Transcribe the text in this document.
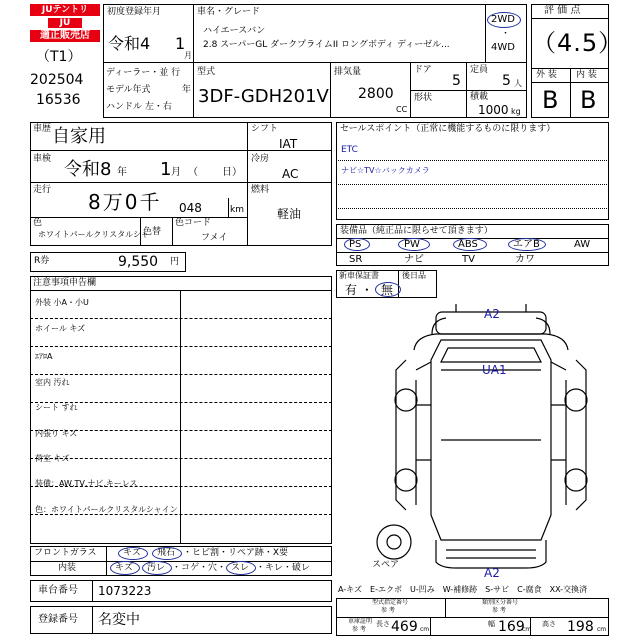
JUテントリ
JU
適正販売店
（T1）
202504
16536
初度登録年月
令和4 1
月
車名・グレード
ハイエースバン
2.8 スーパーGL ダークプライムII ロングボディ ディーゼル...
2WD
・
4WD
ディーラー・並 行
モデル年式	年
ハンドル 左・右
型式
3DF-GDH201V
排気量
2800
CC
ドア
5
定員
5 人
形状	積載
1000 kg
評 価 点
（4.5）
外 装 内 装
B B
車歴 自家用
車検 令和8 年 1 月 （ 日）
走行 8万0千 048	km
色
ホワイトパールクリスタルシャ
色替
色コード
フメイ
シフト
IAT
冷房
AC
燃料
軽油
R券	9,550 円
注意事項申告欄
外装 小A・小U
ホイール キズ
ｴｱﾛA
室内 汚れ
シート すれ
内張り キズ
荷室 キズ
装備：AW,TV,ナビ,キーレス
色：ホワイトパールクリスタルシャイン
セールスポイント（正常に機能するものに限ります）
ETC
ナビ☆TV☆バックカメラ
装備品（純正品に限らせて頂きます）
PS	PW	ABS	エアB	AW
SR	ナビ	TV	カワ
新車保証書
有 ・ 無
後日品
A2
UA1
A2
スペア
フロントガラス
内装
キズ 飛石 ・ヒビ割・リペア跡・X要
キズ 汚レ ・コゲ・穴・ スレ ・キレ・破レ
車台番号 1073223
登録番号 名変中
A-キズ　E-エクボ　U-凹み　W-補修跡　S-サビ　C-腐食　XX-交換済
型式指定番号
参 考
類別区分番号
参 考
車庫証明
参 考
長さ 469 cm
幅 169
cm
高さ 198 cm
